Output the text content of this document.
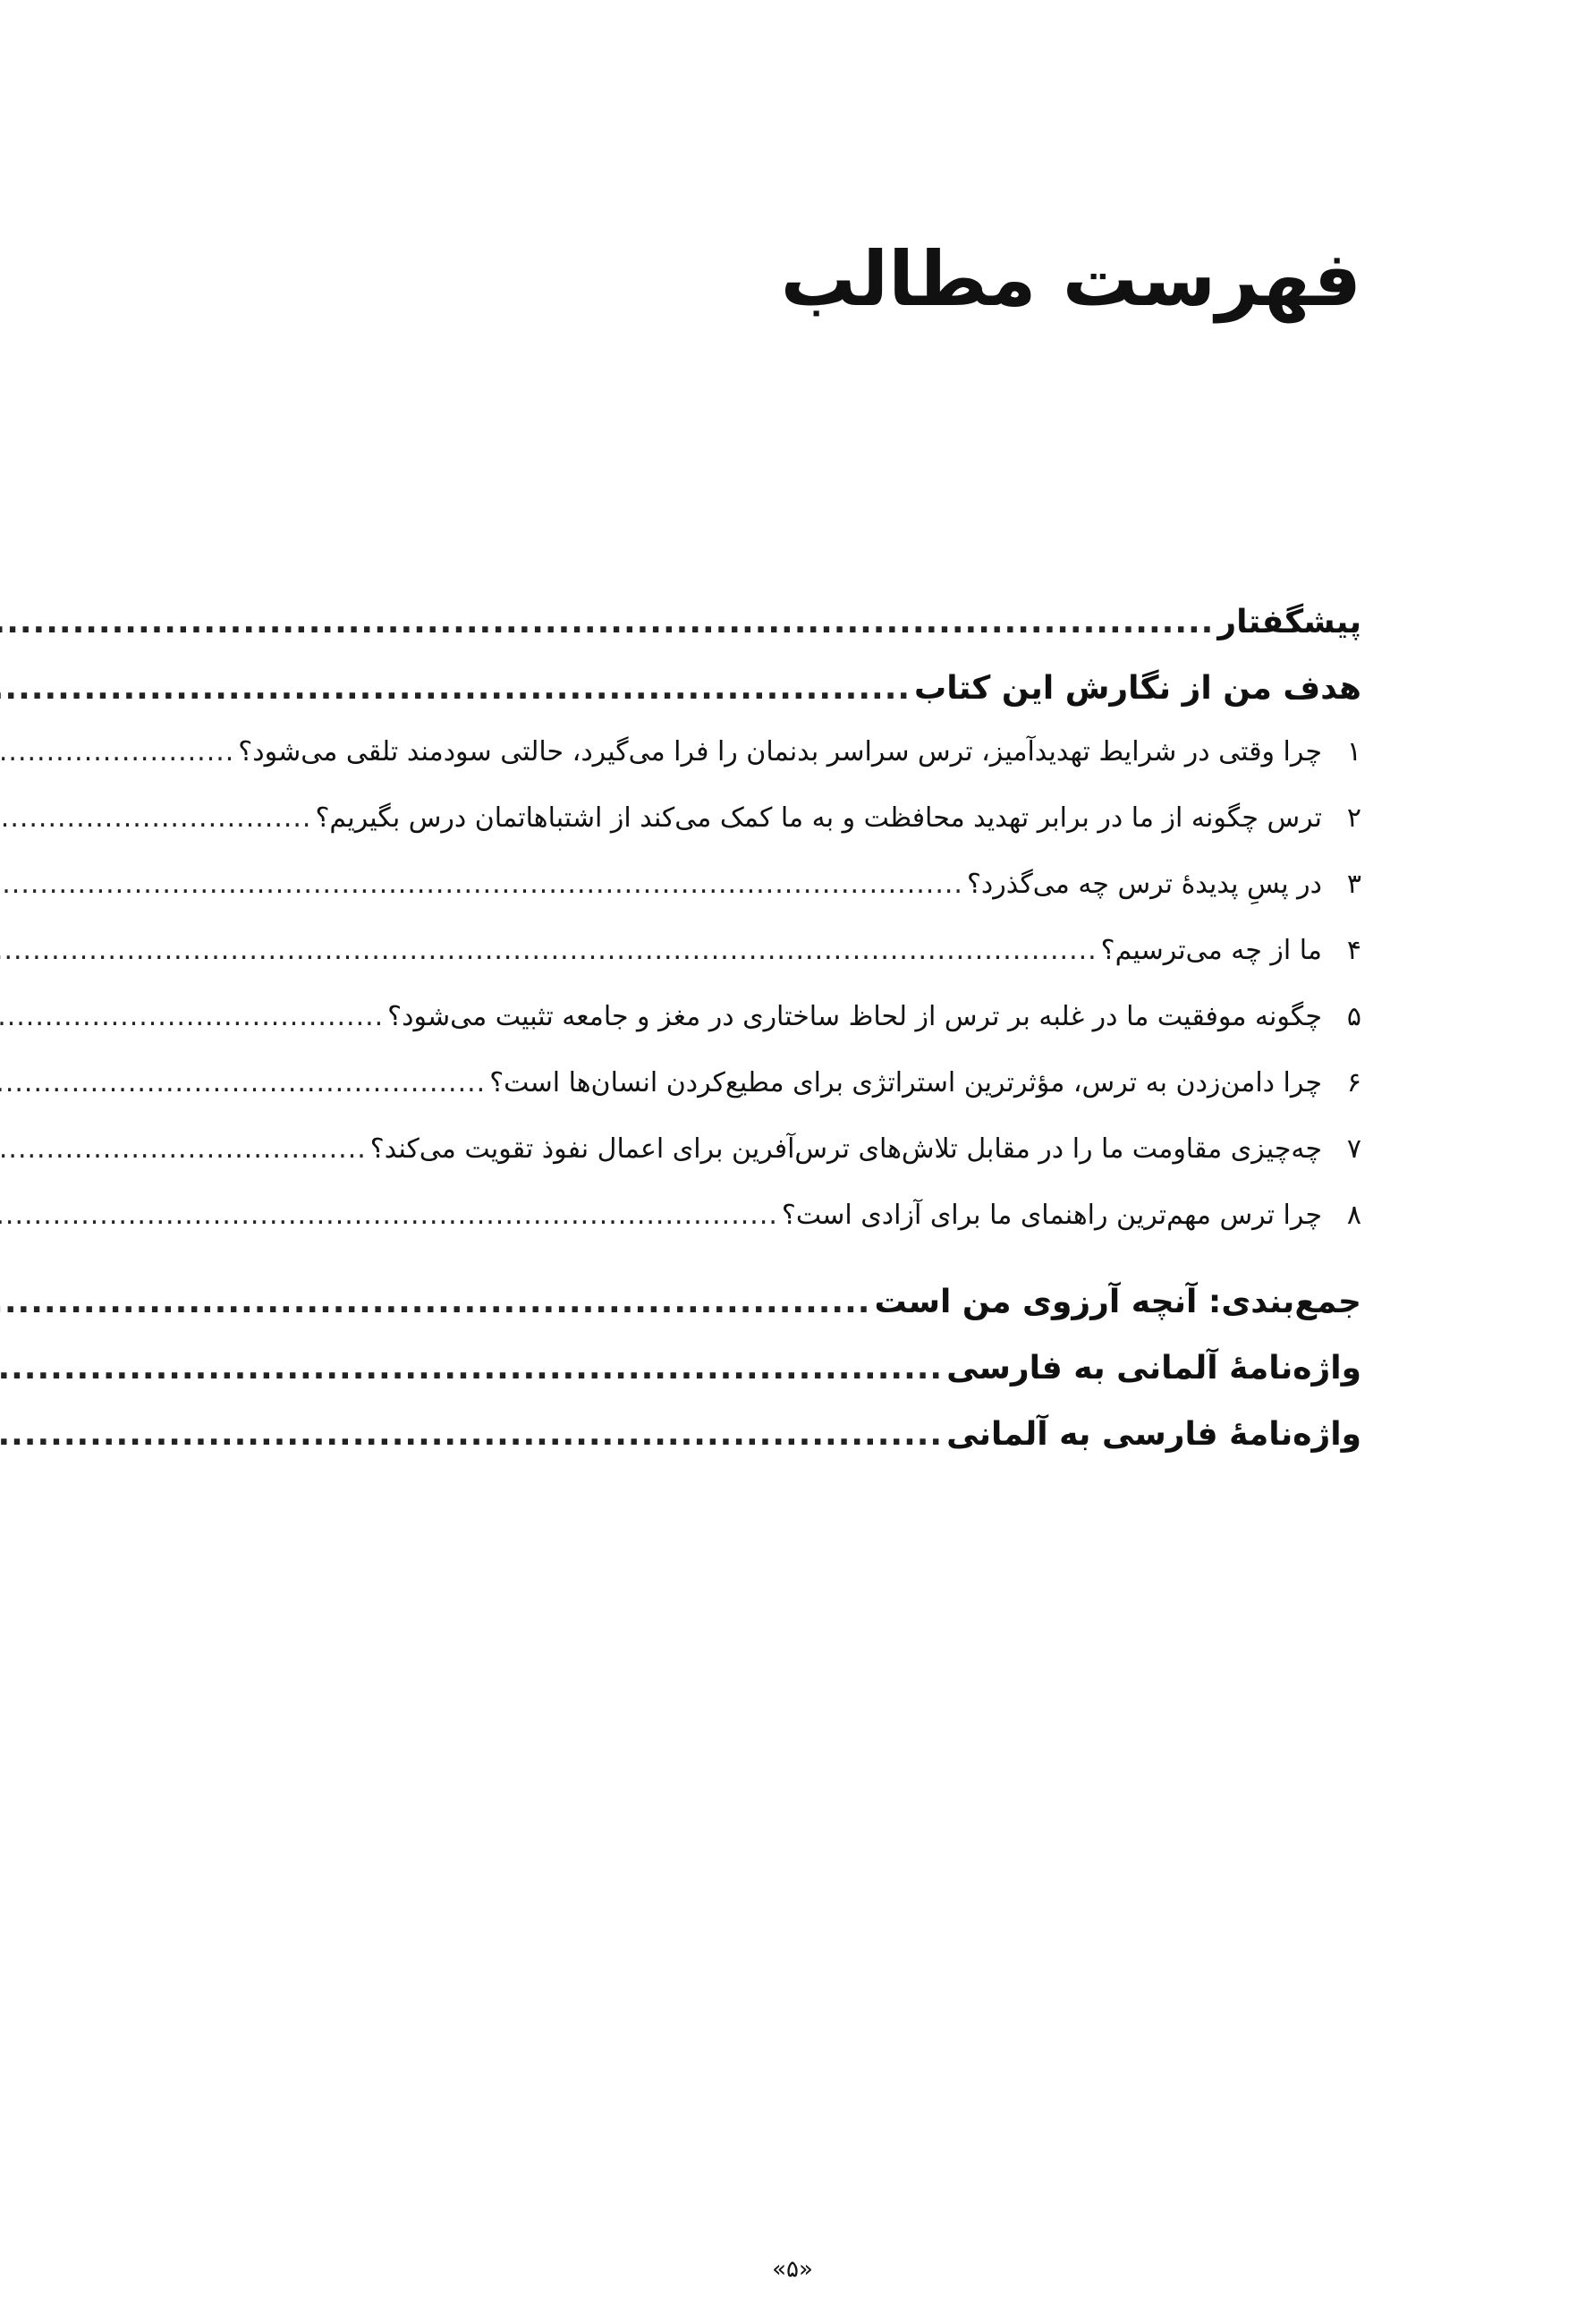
فهرست مطالب
پیشگفتار
.....
هدف من از نگارش این کتاب
.....
۱
چرا وقتی در شرایط تهدیدآمیز، ترس سراسر بدنمان را فرا می‌گیرد، حالتی سودمند تلقی می‌شود؟
.....
۲
ترس چگونه از ما در برابر تهدید محافظت و به ما کمک می‌کند از اشتباهاتمان درس بگیریم؟
.....
۳
در پسِ پدیدهٔ ترس چه می‌گذرد؟
.....
۴
ما از چه می‌ترسیم؟
.....
۵
چگونه موفقیت ما در غلبه بر ترس از لحاظ ساختاری در مغز و جامعه تثبیت می‌شود؟
.....
۶
چرا دامن‌زدن به ترس، مؤثرترین استراتژی برای مطیع‌کردن انسان‌ها است؟
.....
۷
چه‌چیزی مقاومت ما را در مقابل تلاش‌های ترس‌آفرین برای اعمال نفوذ تقویت می‌کند؟
.....
۸
چرا ترس مهم‌ترین راهنمای ما برای آزادی است؟
.....
جمع‌بندی: آنچه آرزوی من است
.....
واژه‌نامهٔ آلمانی به فارسی
.....
واژه‌نامهٔ فارسی به آلمانی
.....
«۵»
